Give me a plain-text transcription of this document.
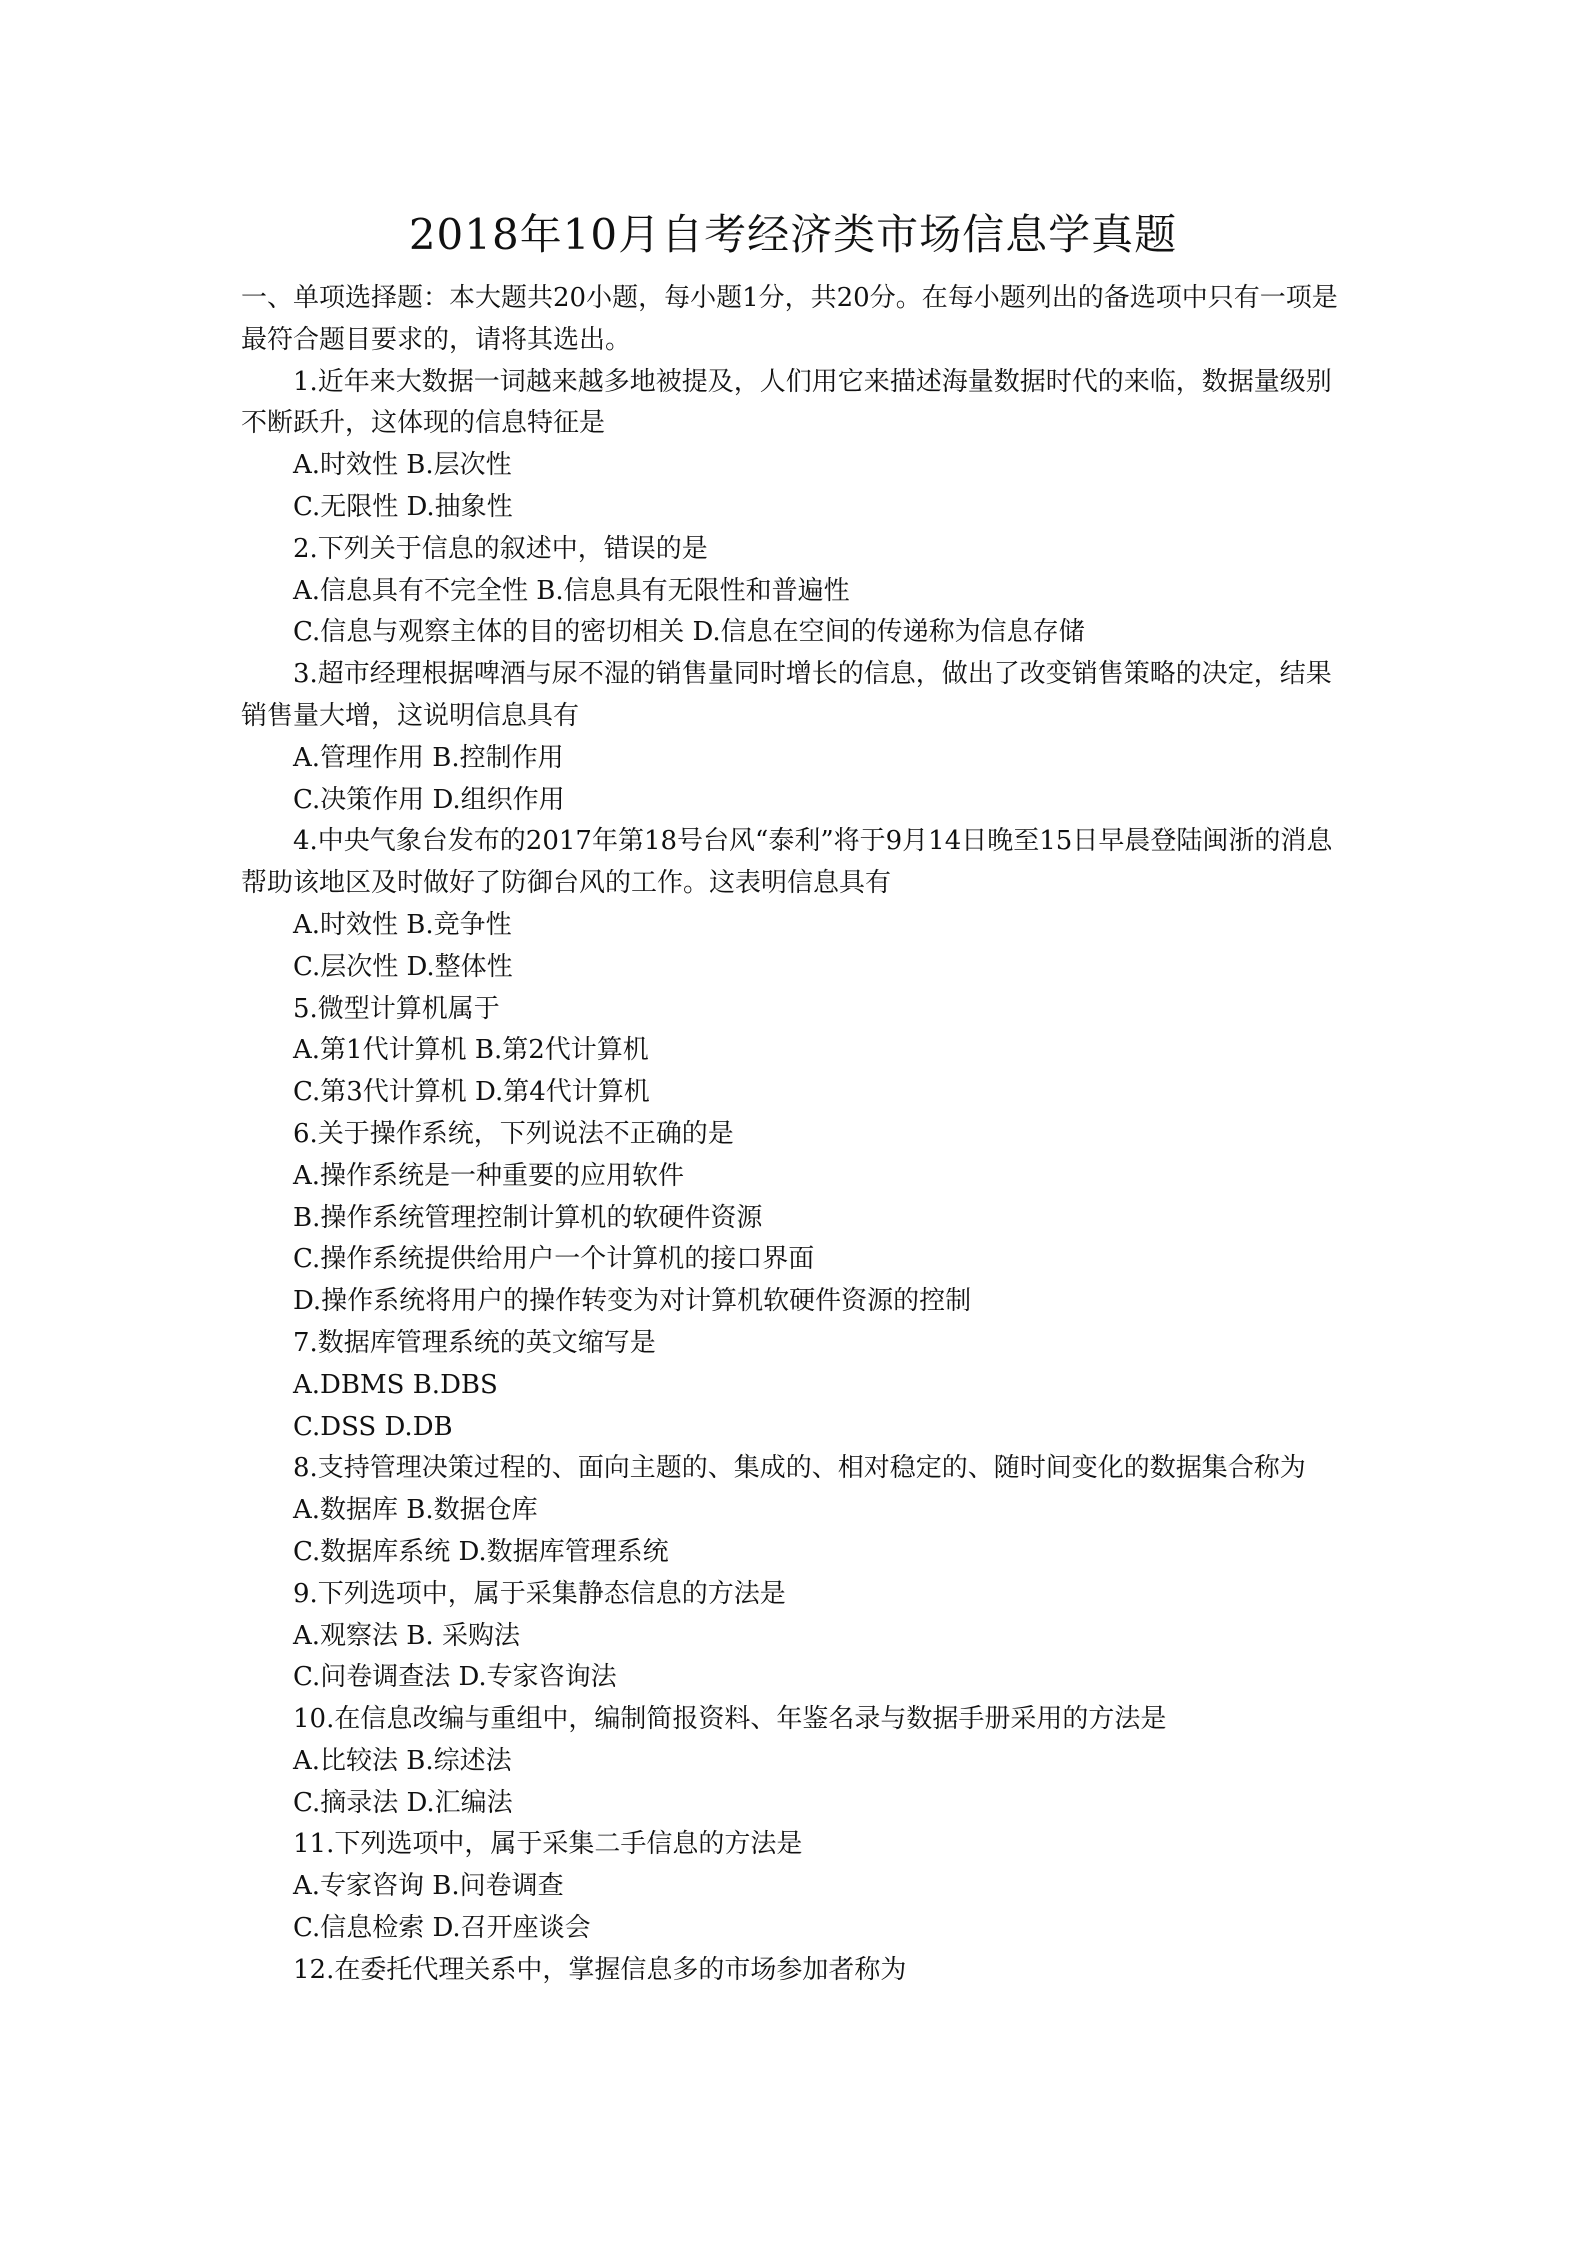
2018年10月自考经济类市场信息学真题
一、单项选择题：本大题共20小题，每小题1分，共20分。在每小题列出的备选项中只有一项是最符合题目要求的，请将其选出。
1.近年来大数据一词越来越多地被提及，人们用它来描述海量数据时代的来临，数据量级别不断跃升，这体现的信息特征是
A.时效性 B.层次性
C.无限性 D.抽象性
2.下列关于信息的叙述中，错误的是
A.信息具有不完全性 B.信息具有无限性和普遍性
C.信息与观察主体的目的密切相关 D.信息在空间的传递称为信息存储
3.超市经理根据啤酒与尿不湿的销售量同时增长的信息，做出了改变销售策略的决定，结果销售量大增，这说明信息具有
A.管理作用 B.控制作用
C.决策作用 D.组织作用
4.中央气象台发布的2017年第18号台风“泰利”将于9月14日晚至15日早晨登陆闽浙的消息帮助该地区及时做好了防御台风的工作。这表明信息具有
A.时效性 B.竞争性
C.层次性 D.整体性
5.微型计算机属于
A.第1代计算机 B.第2代计算机
C.第3代计算机 D.第4代计算机
6.关于操作系统，下列说法不正确的是
A.操作系统是一种重要的应用软件
B.操作系统管理控制计算机的软硬件资源
C.操作系统提供给用户一个计算机的接口界面
D.操作系统将用户的操作转变为对计算机软硬件资源的控制
7.数据库管理系统的英文缩写是
A.DBMS B.DBS
C.DSS D.DB
8.支持管理决策过程的、面向主题的、集成的、相对稳定的、随时间变化的数据集合称为
A.数据库 B.数据仓库
C.数据库系统 D.数据库管理系统
9.下列选项中，属于采集静态信息的方法是
A.观察法 B. 采购法
C.问卷调查法 D.专家咨询法
10.在信息改编与重组中，编制简报资料、年鉴名录与数据手册采用的方法是
A.比较法 B.综述法
C.摘录法 D.汇编法
11.下列选项中，属于采集二手信息的方法是
A.专家咨询 B.问卷调查
C.信息检索 D.召开座谈会
12.在委托代理关系中，掌握信息多的市场参加者称为
